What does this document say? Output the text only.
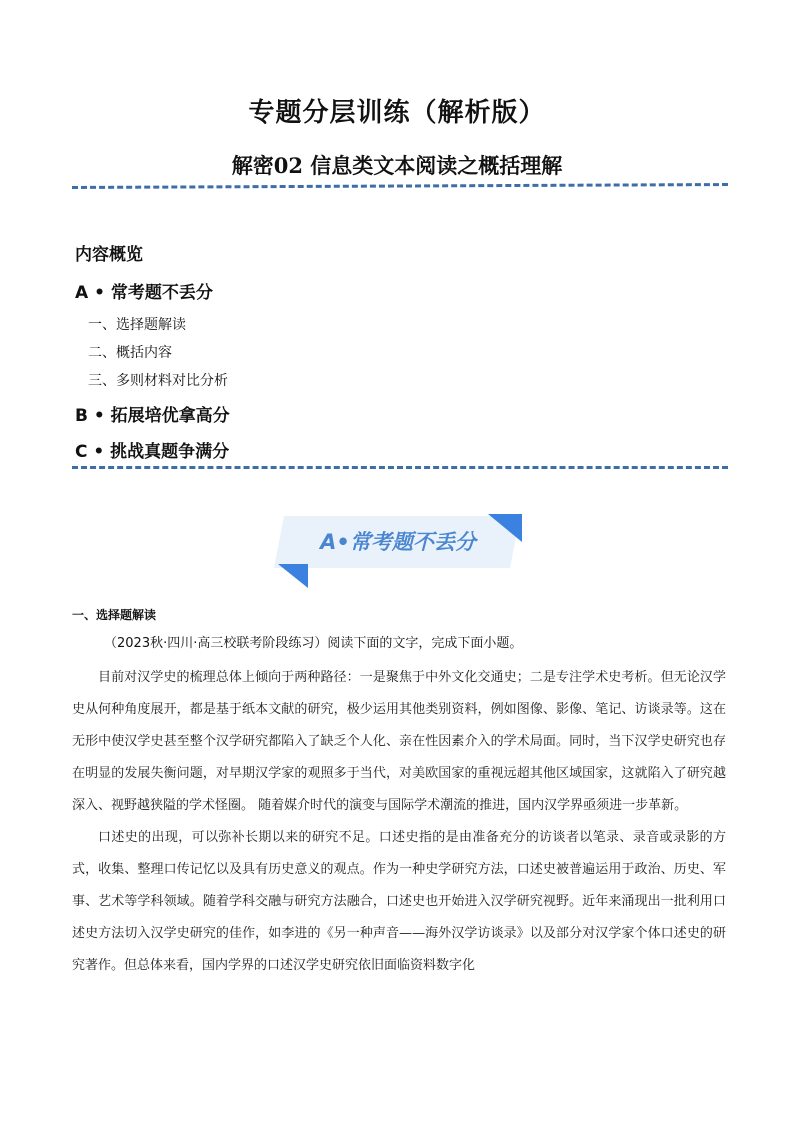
专题分层训练（解析版）
解密02 信息类文本阅读之概括理解
内容概览
A • 常考题不丢分
一、选择题解读
二、概括内容
三、多则材料对比分析
B • 拓展培优拿高分
C • 挑战真题争满分
A•常考题不丢分
一、选择题解读
（2023秋·四川·高三校联考阶段练习）阅读下面的文字，完成下面小题。

目前对汉学史的梳理总体上倾向于两种路径：一是聚焦于中外文化交通史；二是专注学术史考析。但无论汉学史从何种角度展开，都是基于纸本文献的研究，极少运用其他类别资料，例如图像、影像、笔记、访谈录等。这在无形中使汉学史甚至整个汉学研究都陷入了缺乏个人化、亲在性因素介入的学术局面。同时，当下汉学史研究也存在明显的发展失衡问题，对早期汉学家的观照多于当代，对美欧国家的重视远超其他区域国家，这就陷入了研究越深入、视野越狭隘的学术怪圈。 随着媒介时代的演变与国际学术潮流的推进，国内汉学界亟须进一步革新。

口述史的出现，可以弥补长期以来的研究不足。口述史指的是由准备充分的访谈者以笔录、录音或录影的方式，收集、整理口传记忆以及具有历史意义的观点。作为一种史学研究方法，口述史被普遍运用于政治、历史、军事、艺术等学科领域。随着学科交融与研究方法融合，口述史也开始进入汉学研究视野。近年来涌现出一批利用口述史方法切入汉学史研究的佳作，如李进的《另一种声音——海外汉学访谈录》以及部分对汉学家个体口述史的研究著作。但总体来看，国内学界的口述汉学史研究依旧面临资料数字化
